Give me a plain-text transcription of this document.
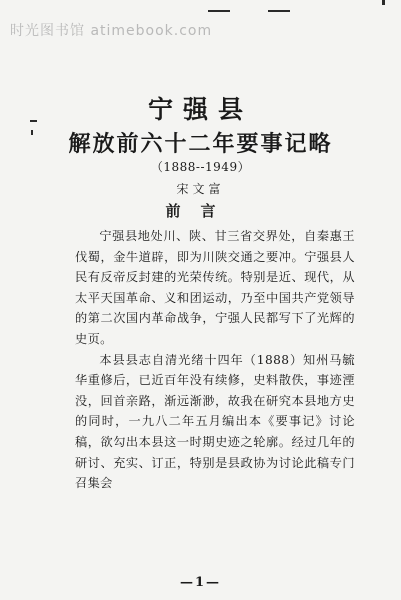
时光图书馆 atimebook.com
宁强县
解放前六十二年要事记略
（1888--1949）
宋文富
前言

宁强县地处川、陕、甘三省交界处，自秦惠王伐蜀，金牛道辟，即为川陕交通之要冲。宁强县人民有反帝反封建的光荣传统。特别是近、现代，从太平天国革命、义和团运动，乃至中国共产党领导的第二次国内革命战争，宁强人民都写下了光辉的史页。

本县县志自清光绪十四年（1888）知州马毓华重修后，已近百年没有续修，史料散佚，事迹湮没，回首亲路，渐远渐渺，故我在研究本县地方史的同时，一九八二年五月编出本《要事记》讨论稿，欲勾出本县这一时期史迹之轮廓。经过几年的研讨、充实、订正，特别是县政协为讨论此稿专门召集会

—1—
